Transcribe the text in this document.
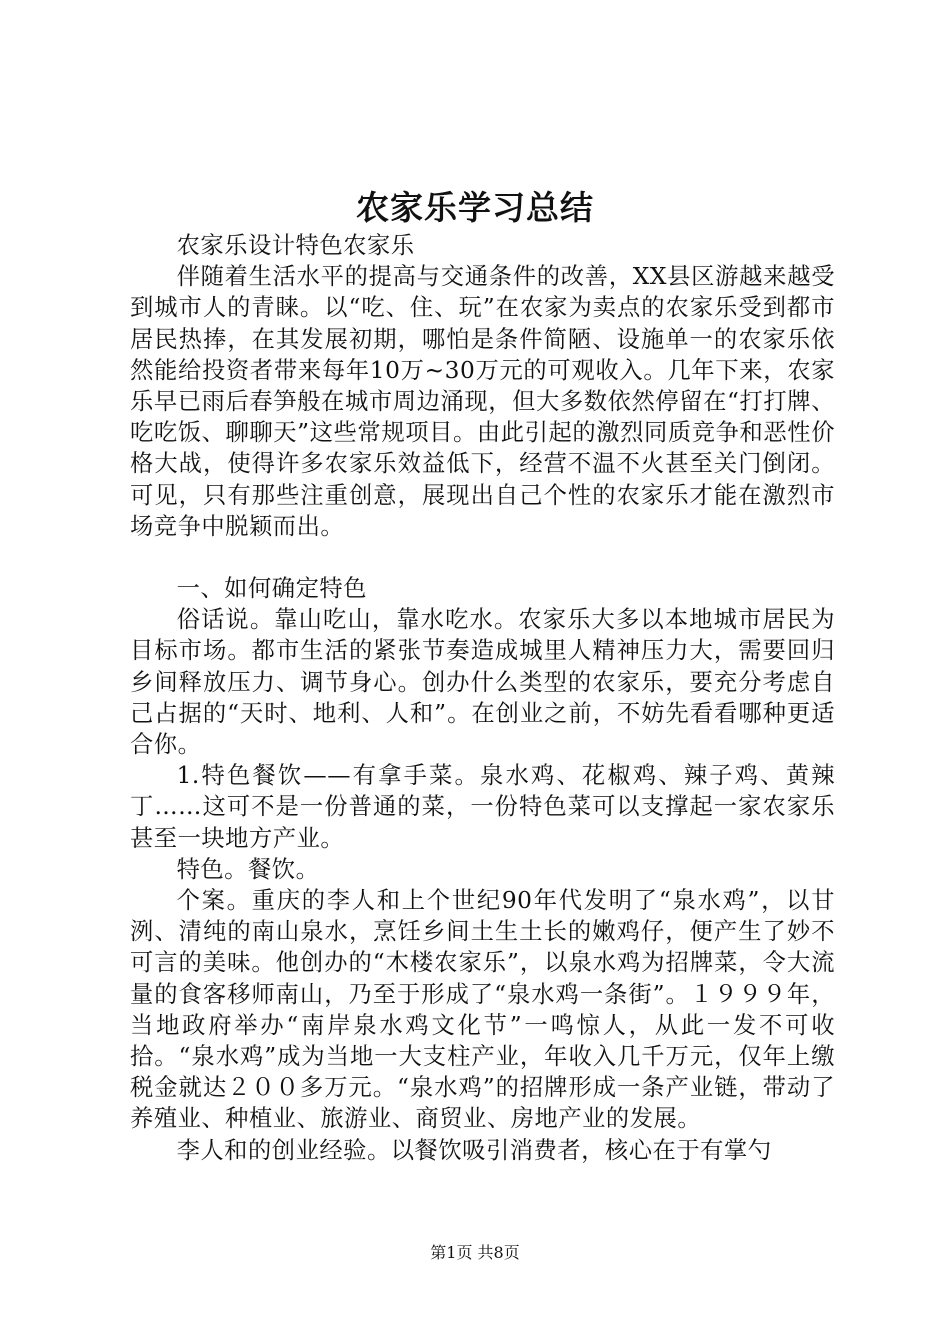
农家乐学习总结

农家乐设计特色农家乐

伴随着生活水平的提高与交通条件的改善，XX县区游越来越受到城市人的青睐。以“吃、住、玩”在农家为卖点的农家乐受到都市居民热捧，在其发展初期，哪怕是条件简陋、设施单一的农家乐依然能给投资者带来每年10万~30万元的可观收入。几年下来，农家乐早已雨后春笋般在城市周边涌现，但大多数依然停留在“打打牌、吃吃饭、聊聊天”这些常规项目。由此引起的激烈同质竞争和恶性价格大战，使得许多农家乐效益低下，经营不温不火甚至关门倒闭。可见，只有那些注重创意，展现出自己个性的农家乐才能在激烈市场竞争中脱颖而出。

一、如何确定特色

俗话说。靠山吃山，靠水吃水。农家乐大多以本地城市居民为目标市场。都市生活的紧张节奏造成城里人精神压力大，需要回归乡间释放压力、调节身心。创办什么类型的农家乐，要充分考虑自己占据的“天时、地利、人和”。在创业之前，不妨先看看哪种更适合你。

1.特色餐饮——有拿手菜。泉水鸡、花椒鸡、辣子鸡、黄辣丁……这可不是一份普通的菜，一份特色菜可以支撑起一家农家乐甚至一块地方产业。

特色。餐饮。

个案。重庆的李人和上个世纪90年代发明了“泉水鸡”，以甘洌、清纯的南山泉水，烹饪乡间土生土长的嫩鸡仔，便产生了妙不可言的美味。他创办的“木楼农家乐”，以泉水鸡为招牌菜，令大流量的食客移师南山，乃至于形成了“泉水鸡一条街”。１９９９年，当地政府举办“南岸泉水鸡文化节”一鸣惊人，从此一发不可收拾。“泉水鸡”成为当地一大支柱产业，年收入几千万元，仅年上缴税金就达２００多万元。“泉水鸡”的招牌形成一条产业链，带动了养殖业、种植业、旅游业、商贸业、房地产业的发展。

李人和的创业经验。以餐饮吸引消费者，核心在于有掌勺

第1页 共8页
